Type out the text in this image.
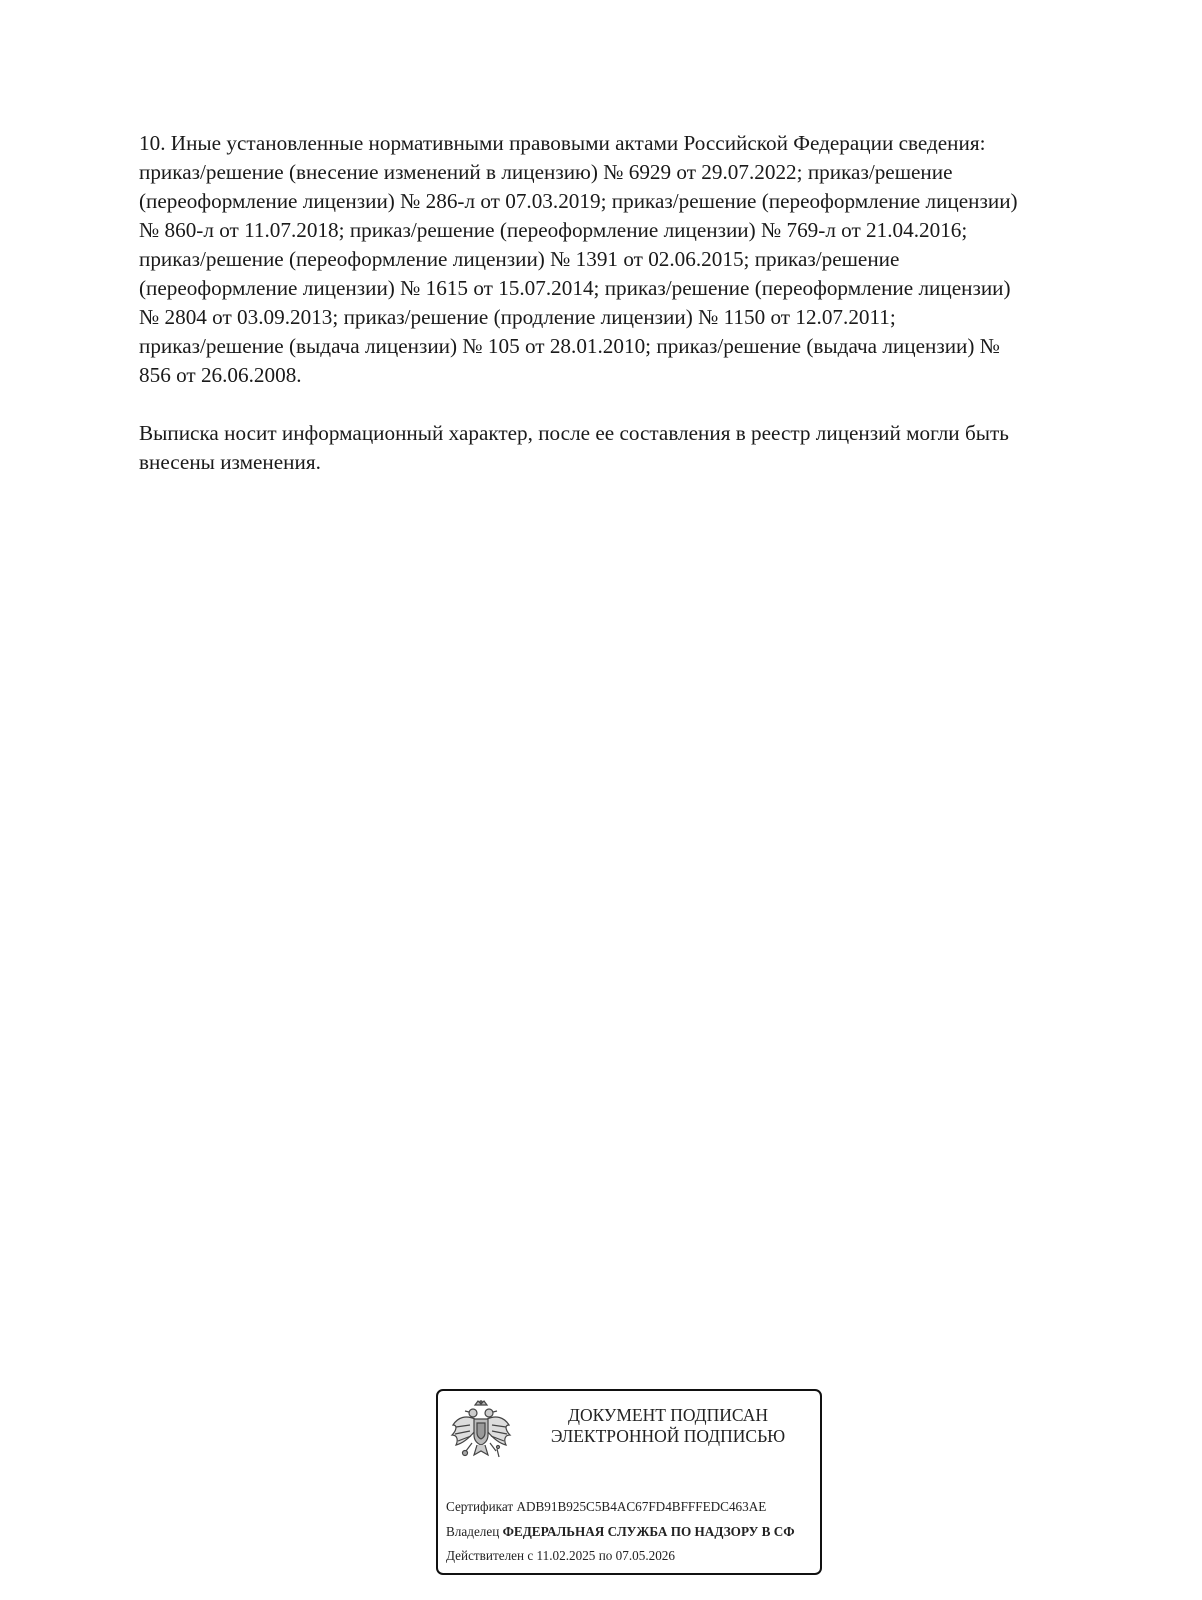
10. Иные установленные нормативными правовыми актами Российской Федерации сведения:
приказ/решение (внесение изменений в лицензию) № 6929 от 29.07.2022; приказ/решение
(переоформление лицензии) № 286-л от 07.03.2019; приказ/решение (переоформление лицензии)
№ 860-л от 11.07.2018; приказ/решение (переоформление лицензии) № 769-л от 21.04.2016;
приказ/решение (переоформление лицензии) № 1391 от 02.06.2015; приказ/решение
(переоформление лицензии) № 1615 от 15.07.2014; приказ/решение (переоформление лицензии)
№ 2804 от 03.09.2013; приказ/решение (продление лицензии) № 1150 от 12.07.2011;
приказ/решение (выдача лицензии) № 105 от 28.01.2010; приказ/решение (выдача лицензии) №
856 от 26.06.2008.
Выписка носит информационный характер, после ее составления в реестр лицензий могли быть
внесены изменения.
ДОКУМЕНТ ПОДПИСАН
ЭЛЕКТРОННОЙ ПОДПИСЬЮ
Сертификат ADB91B925C5B4AC67FD4BFFFEDC463AE
Владелец ФЕДЕРАЛЬНАЯ СЛУЖБА ПО НАДЗОРУ В СФ
Действителен с 11.02.2025 по 07.05.2026
